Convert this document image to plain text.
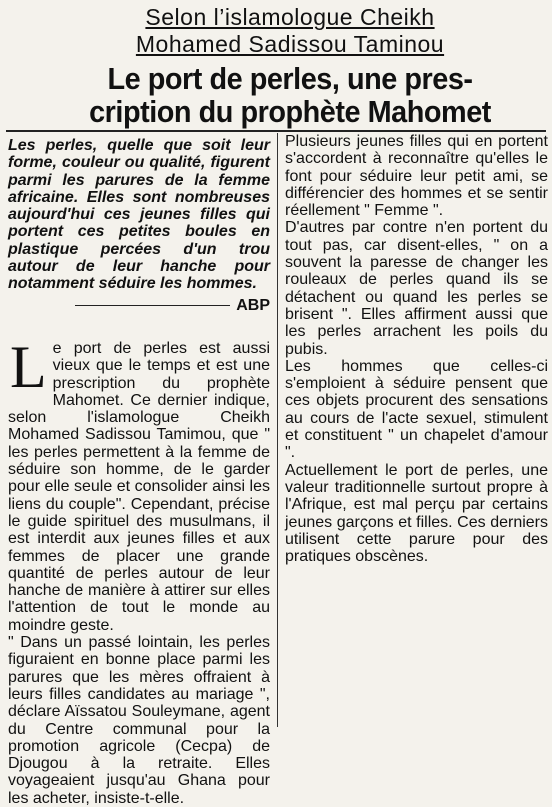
Selon l’islamologue Cheikh
Mohamed Sadissou Taminou
Le port de perles, une pres-
cription du prophète Mahomet

Les perles, quelle que soit leur forme, couleur ou qualité, figurent parmi les parures de la femme africaine. Elles sont nombreuses aujourd'hui ces jeunes filles qui portent ces petites boules en plastique percées d'un trou autour de leur hanche pour notamment séduire les hommes.

ABP

Le port de perles est aussi vieux que le temps et est une prescription du prophète Mahomet. Ce dernier indique, selon l'islamologue Cheikh Mohamed Sadissou Tamimou, que " les perles permettent à la femme de séduire son homme, de le garder pour elle seule et consolider ainsi les liens du couple". Cependant, précise le guide spirituel des musulmans, il est interdit aux jeunes filles et aux femmes de placer une grande quantité de perles autour de leur hanche de manière à attirer sur elles l'attention de tout le monde au moindre geste.

" Dans un passé lointain, les perles figuraient en bonne place parmi les parures que les mères offraient à leurs filles candidates au mariage ", déclare Aïssatou Souleymane, agent du Centre communal pour la promotion agricole (Cecpa) de Djougou à la retraite. Elles voyageaient jusqu'au Ghana pour les acheter, insiste-t-elle.

Plusieurs jeunes filles qui en portent s'accordent à reconnaître qu'elles le font pour séduire leur petit ami, se différencier des hommes et se sentir réellement " Femme ".

D'autres par contre n'en portent du tout pas, car disent-elles, " on a souvent la paresse de changer les rouleaux de perles quand ils se détachent ou quand les perles se brisent ". Elles affirment aussi que les perles arrachent les poils du pubis.

Les hommes que celles-ci s'emploient à séduire pensent que ces objets procurent des sensations au cours de l'acte sexuel, stimulent et constituent " un chapelet d'amour ".

Actuellement le port de perles, une valeur traditionnelle surtout propre à l'Afrique, est mal perçu par certains jeunes garçons et filles. Ces derniers utilisent cette parure pour des pratiques obscènes.
